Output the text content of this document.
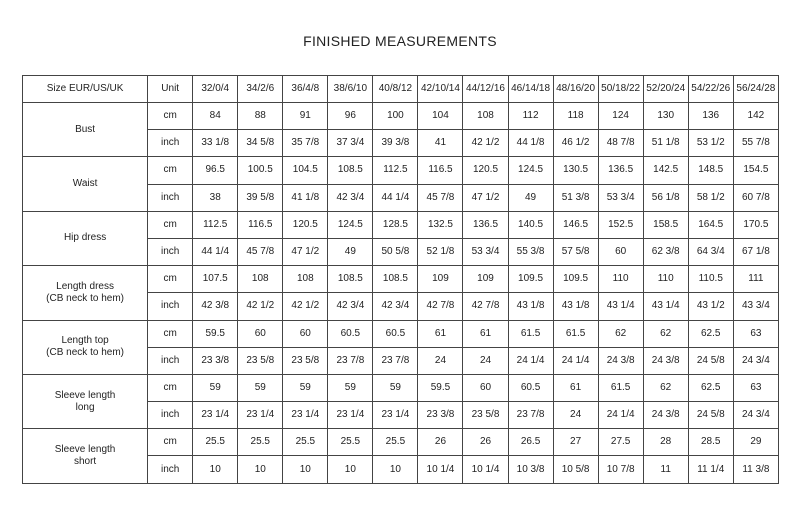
FINISHED MEASUREMENTS
Size EUR/US/UK	Unit	32/0/4	34/2/6	36/4/8	38/6/10	40/8/12	42/10/14	44/12/16	46/14/18	48/16/20	50/18/22	52/20/24	54/22/26	56/24/28

Bust	cm	84	88	91	96	100	104	108	112	118	124	130	136	142
	inch	33 1/8	34 5/8	35 7/8	37 3/4	39 3/8	41	42 1/2	44 1/8	46 1/2	48 7/8	51 1/8	53 1/2	55 7/8

Waist	cm	96.5	100.5	104.5	108.5	112.5	116.5	120.5	124.5	130.5	136.5	142.5	148.5	154.5
	inch	38	39 5/8	41 1/8	42 3/4	44 1/4	45 7/8	47 1/2	49	51 3/8	53 3/4	56 1/8	58 1/2	60 7/8

Hip dress	cm	112.5	116.5	120.5	124.5	128.5	132.5	136.5	140.5	146.5	152.5	158.5	164.5	170.5
	inch	44 1/4	45 7/8	47 1/2	49	50 5/8	52 1/8	53 3/4	55 3/8	57 5/8	60	62 3/8	64 3/4	67 1/8

Length dress
(CB neck to hem)	cm	107.5	108	108	108.5	108.5	109	109	109.5	109.5	110	110	110.5	111
	inch	42 3/8	42 1/2	42 1/2	42 3/4	42 3/4	42 7/8	42 7/8	43 1/8	43 1/8	43 1/4	43 1/4	43 1/2	43 3/4

Length top
(CB neck to hem)	cm	59.5	60	60	60.5	60.5	61	61	61.5	61.5	62	62	62.5	63
	inch	23 3/8	23 5/8	23 5/8	23 7/8	23 7/8	24	24	24 1/4	24 1/4	24 3/8	24 3/8	24 5/8	24 3/4

Sleeve length
long	cm	59	59	59	59	59	59.5	60	60.5	61	61.5	62	62.5	63
	inch	23 1/4	23 1/4	23 1/4	23 1/4	23 1/4	23 3/8	23 5/8	23 7/8	24	24 1/4	24 3/8	24 5/8	24 3/4

Sleeve length
short	cm	25.5	25.5	25.5	25.5	25.5	26	26	26.5	27	27.5	28	28.5	29
	inch	10	10	10	10	10	10 1/4	10 1/4	10 3/8	10 5/8	10 7/8	11	11 1/4	11 3/8
